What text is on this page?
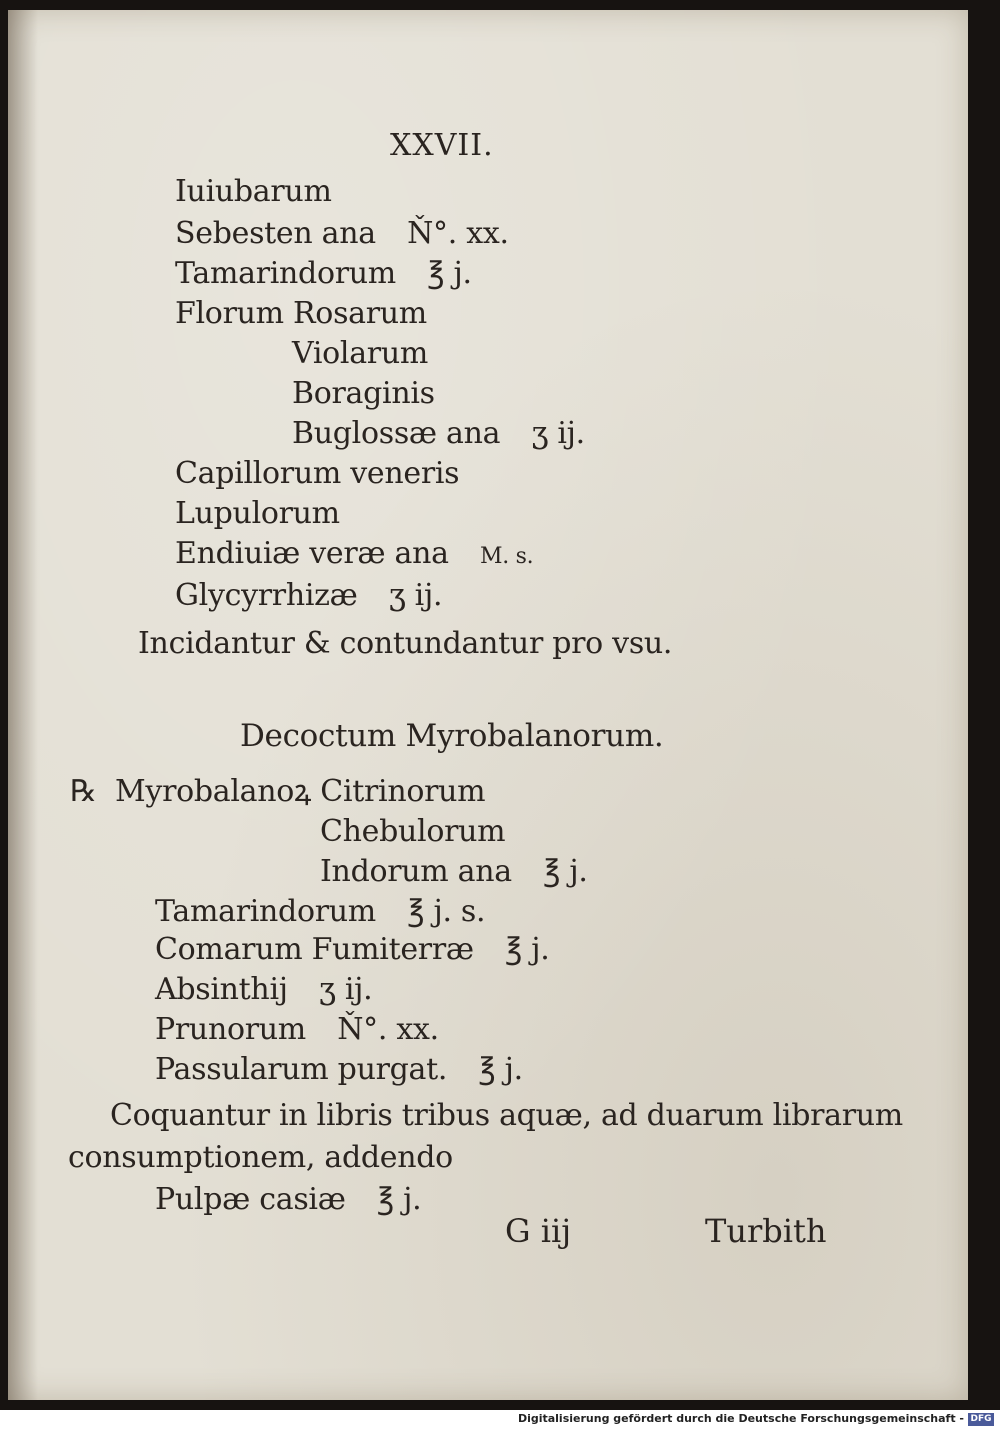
XXVII.
Iuiubarum
Sebesten ana Ň°. xx.
Tamarindorum ℥ j.
Florum Rosarum
Violarum
Boraginis
Buglossæ ana ʒ ij.
Capillorum veneris
Lupulorum
Endiuiæ veræ ana M. s.
Glycyrrhizæ ʒ ij.
Incidantur & contundantur pro vsu.
Decoctum Myrobalanorum.
℞ Myrobalanoꝝ Citrinorum
Chebulorum
Indorum ana ℥ j.
Tamarindorum ℥ j. s.
Comarum Fumiterræ ℥ j.
Absinthij ʒ ij.
Prunorum Ň°. xx.
Passularum purgat. ℥ j.
Coquantur in libris tribus aquæ, ad duarum librarum
consumptionem, addendo
Pulpæ casiæ ℥ j.
G iij	Turbith
Digitalisierung gefördert durch die Deutsche Forschungsgemeinschaft - DFG
